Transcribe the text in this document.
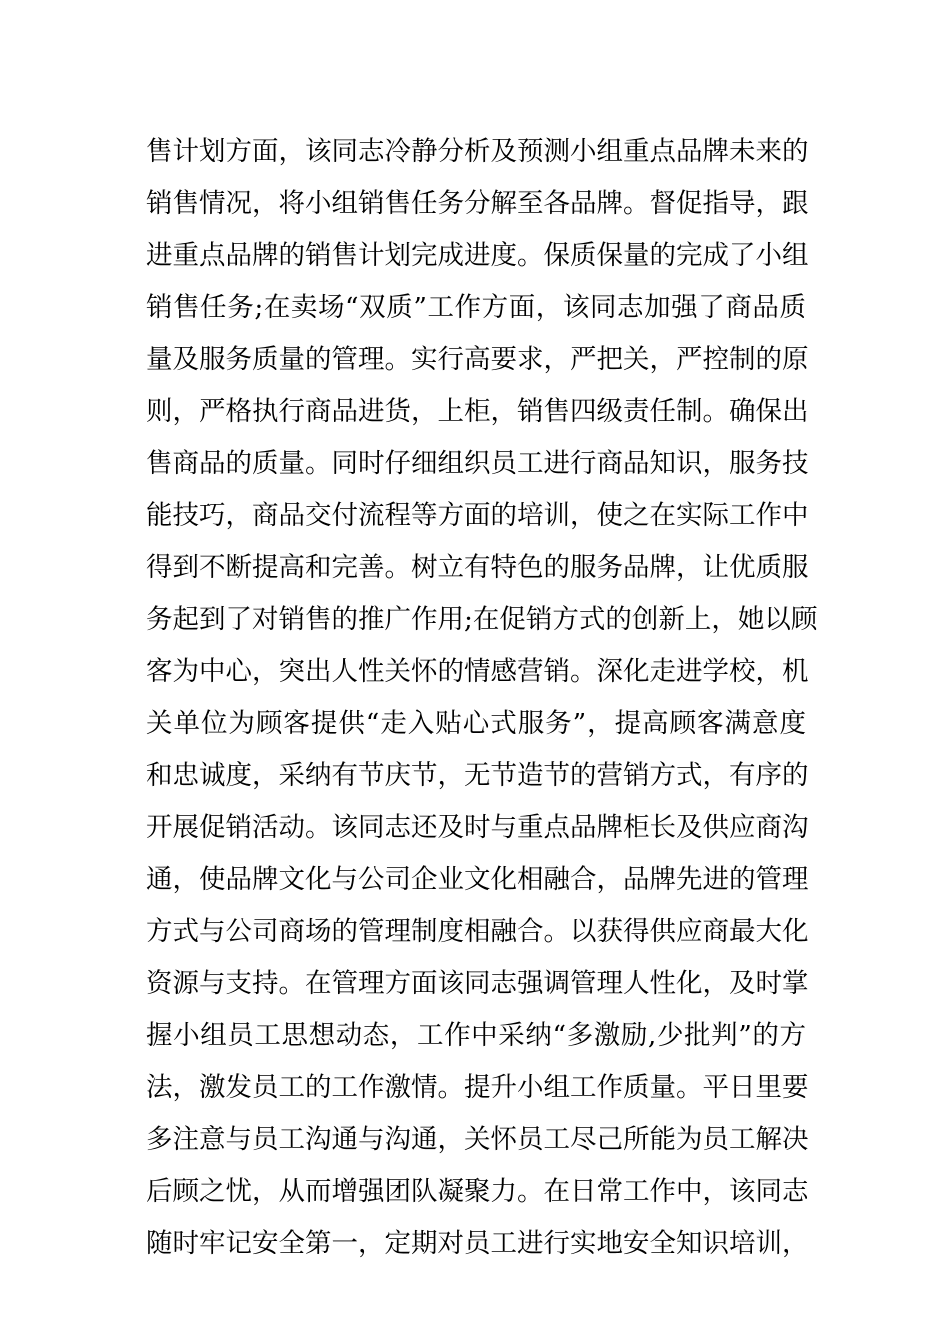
售计划方面，该同志冷静分析及预测小组重点品牌未来的
销售情况，将小组销售任务分解至各品牌。督促指导，跟
进重点品牌的销售计划完成进度。保质保量的完成了小组
销售任务;在卖场“双质”工作方面，该同志加强了商品质
量及服务质量的管理。实行高要求，严把关，严控制的原
则，严格执行商品进货，上柜，销售四级责任制。确保出
售商品的质量。同时仔细组织员工进行商品知识，服务技
能技巧，商品交付流程等方面的培训，使之在实际工作中
得到不断提高和完善。树立有特色的服务品牌，让优质服
务起到了对销售的推广作用;在促销方式的创新上，她以顾
客为中心，突出人性关怀的情感营销。深化走进学校，机
关单位为顾客提供“走入贴心式服务”，提高顾客满意度
和忠诚度，采纳有节庆节，无节造节的营销方式，有序的
开展促销活动。该同志还及时与重点品牌柜长及供应商沟
通，使品牌文化与公司企业文化相融合，品牌先进的管理
方式与公司商场的管理制度相融合。以获得供应商最大化
资源与支持。在管理方面该同志强调管理人性化，及时掌
握小组员工思想动态，工作中采纳“多激励,少批判”的方
法，激发员工的工作激情。提升小组工作质量。平日里要
多注意与员工沟通与沟通，关怀员工尽己所能为员工解决
后顾之忧，从而增强团队凝聚力。在日常工作中，该同志
随时牢记安全第一，定期对员工进行实地安全知识培训，
